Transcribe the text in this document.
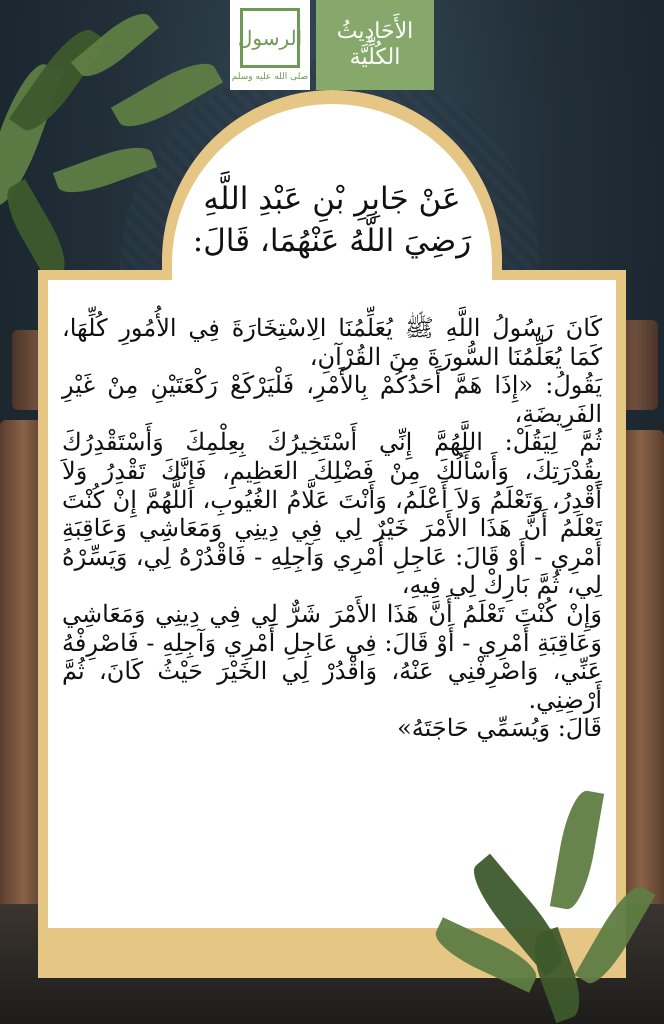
الرسول
صلى الله عليه وسلم
الأَحَادِيثُ
الكُلِّيَّة
عَنْ جَابِرِ بْنِ عَبْدِ اللَّهِ
رَضِيَ اللَّهُ عَنْهُمَا، قَالَ:

كَانَ رَسُولُ اللَّهِ ﷺ يُعَلِّمُنَا الِاسْتِخَارَةَ فِي الأُمُورِ كُلِّهَا، كَمَا يُعَلِّمُنَا السُّورَةَ مِنَ القُرْآنِ،

يَقُولُ: «إِذَا هَمَّ أَحَدُكُمْ بِالأَمْرِ، فَلْيَرْكَعْ رَكْعَتَيْنِ مِنْ غَيْرِ الفَرِيضَةِ،

ثُمَّ لِيَقُلْ: اللَّهُمَّ إِنِّي أَسْتَخِيرُكَ بِعِلْمِكَ وَأَسْتَقْدِرُكَ بِقُدْرَتِكَ، وَأَسْأَلُكَ مِنْ فَضْلِكَ العَظِيمِ، فَإِنَّكَ تَقْدِرُ وَلاَ أَقْدِرُ، وَتَعْلَمُ وَلاَ أَعْلَمُ، وَأَنْتَ عَلَّامُ الغُيُوبِ، اللَّهُمَّ إِنْ كُنْتَ تَعْلَمُ أَنَّ هَذَا الأَمْرَ خَيْرٌ لِي فِي دِينِي وَمَعَاشِي وَعَاقِبَةِ أَمْرِي - أَوْ قَالَ: عَاجِلِ أَمْرِي وَآجِلِهِ - فَاقْدُرْهُ لِي، وَيَسِّرْهُ لِي، ثُمَّ بَارِكْ لِي فِيهِ،

وَإِنْ كُنْتَ تَعْلَمُ أَنَّ هَذَا الأَمْرَ شَرٌّ لِي فِي دِينِي وَمَعَاشِي وَعَاقِبَةِ أَمْرِي - أَوْ قَالَ: فِي عَاجِلِ أَمْرِي وَآجِلِهِ - فَاصْرِفْهُ عَنِّي، وَاصْرِفْنِي عَنْهُ، وَاقْدُرْ لِي الخَيْرَ حَيْثُ كَانَ، ثُمَّ أَرْضِنِي.

قَالَ: وَيُسَمِّي حَاجَتَهُ»
